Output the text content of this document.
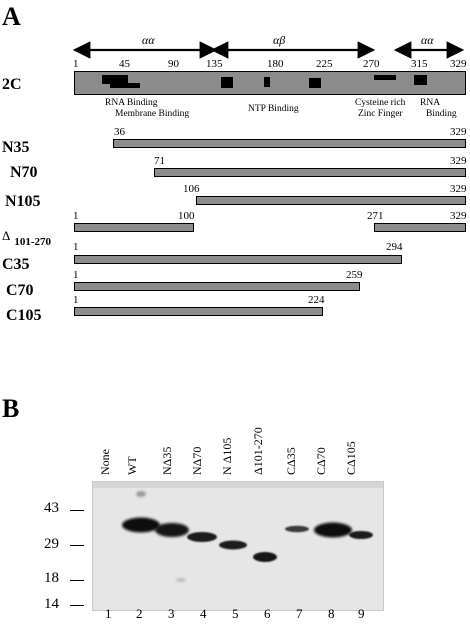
A
αα	αβ	αα
1	45	90 135	180	225	270	315 329
2C
RNA Binding
Membrane Binding	NTP Binding
Cysteine rich
Zinc Finger
RNA
Binding
N35
36	329
N70
71	329
N105
106	329
Δ $_{101-270}$
1	100	271	329
C35
1	294
C70
1	259
C105
1	224
B
None WT NΔ35 NΔ70 N Δ105 Δ101-270 CΔ35 CΔ70 CΔ105
43
29
18
14
1 2 3 4 5 6 7 8 9
